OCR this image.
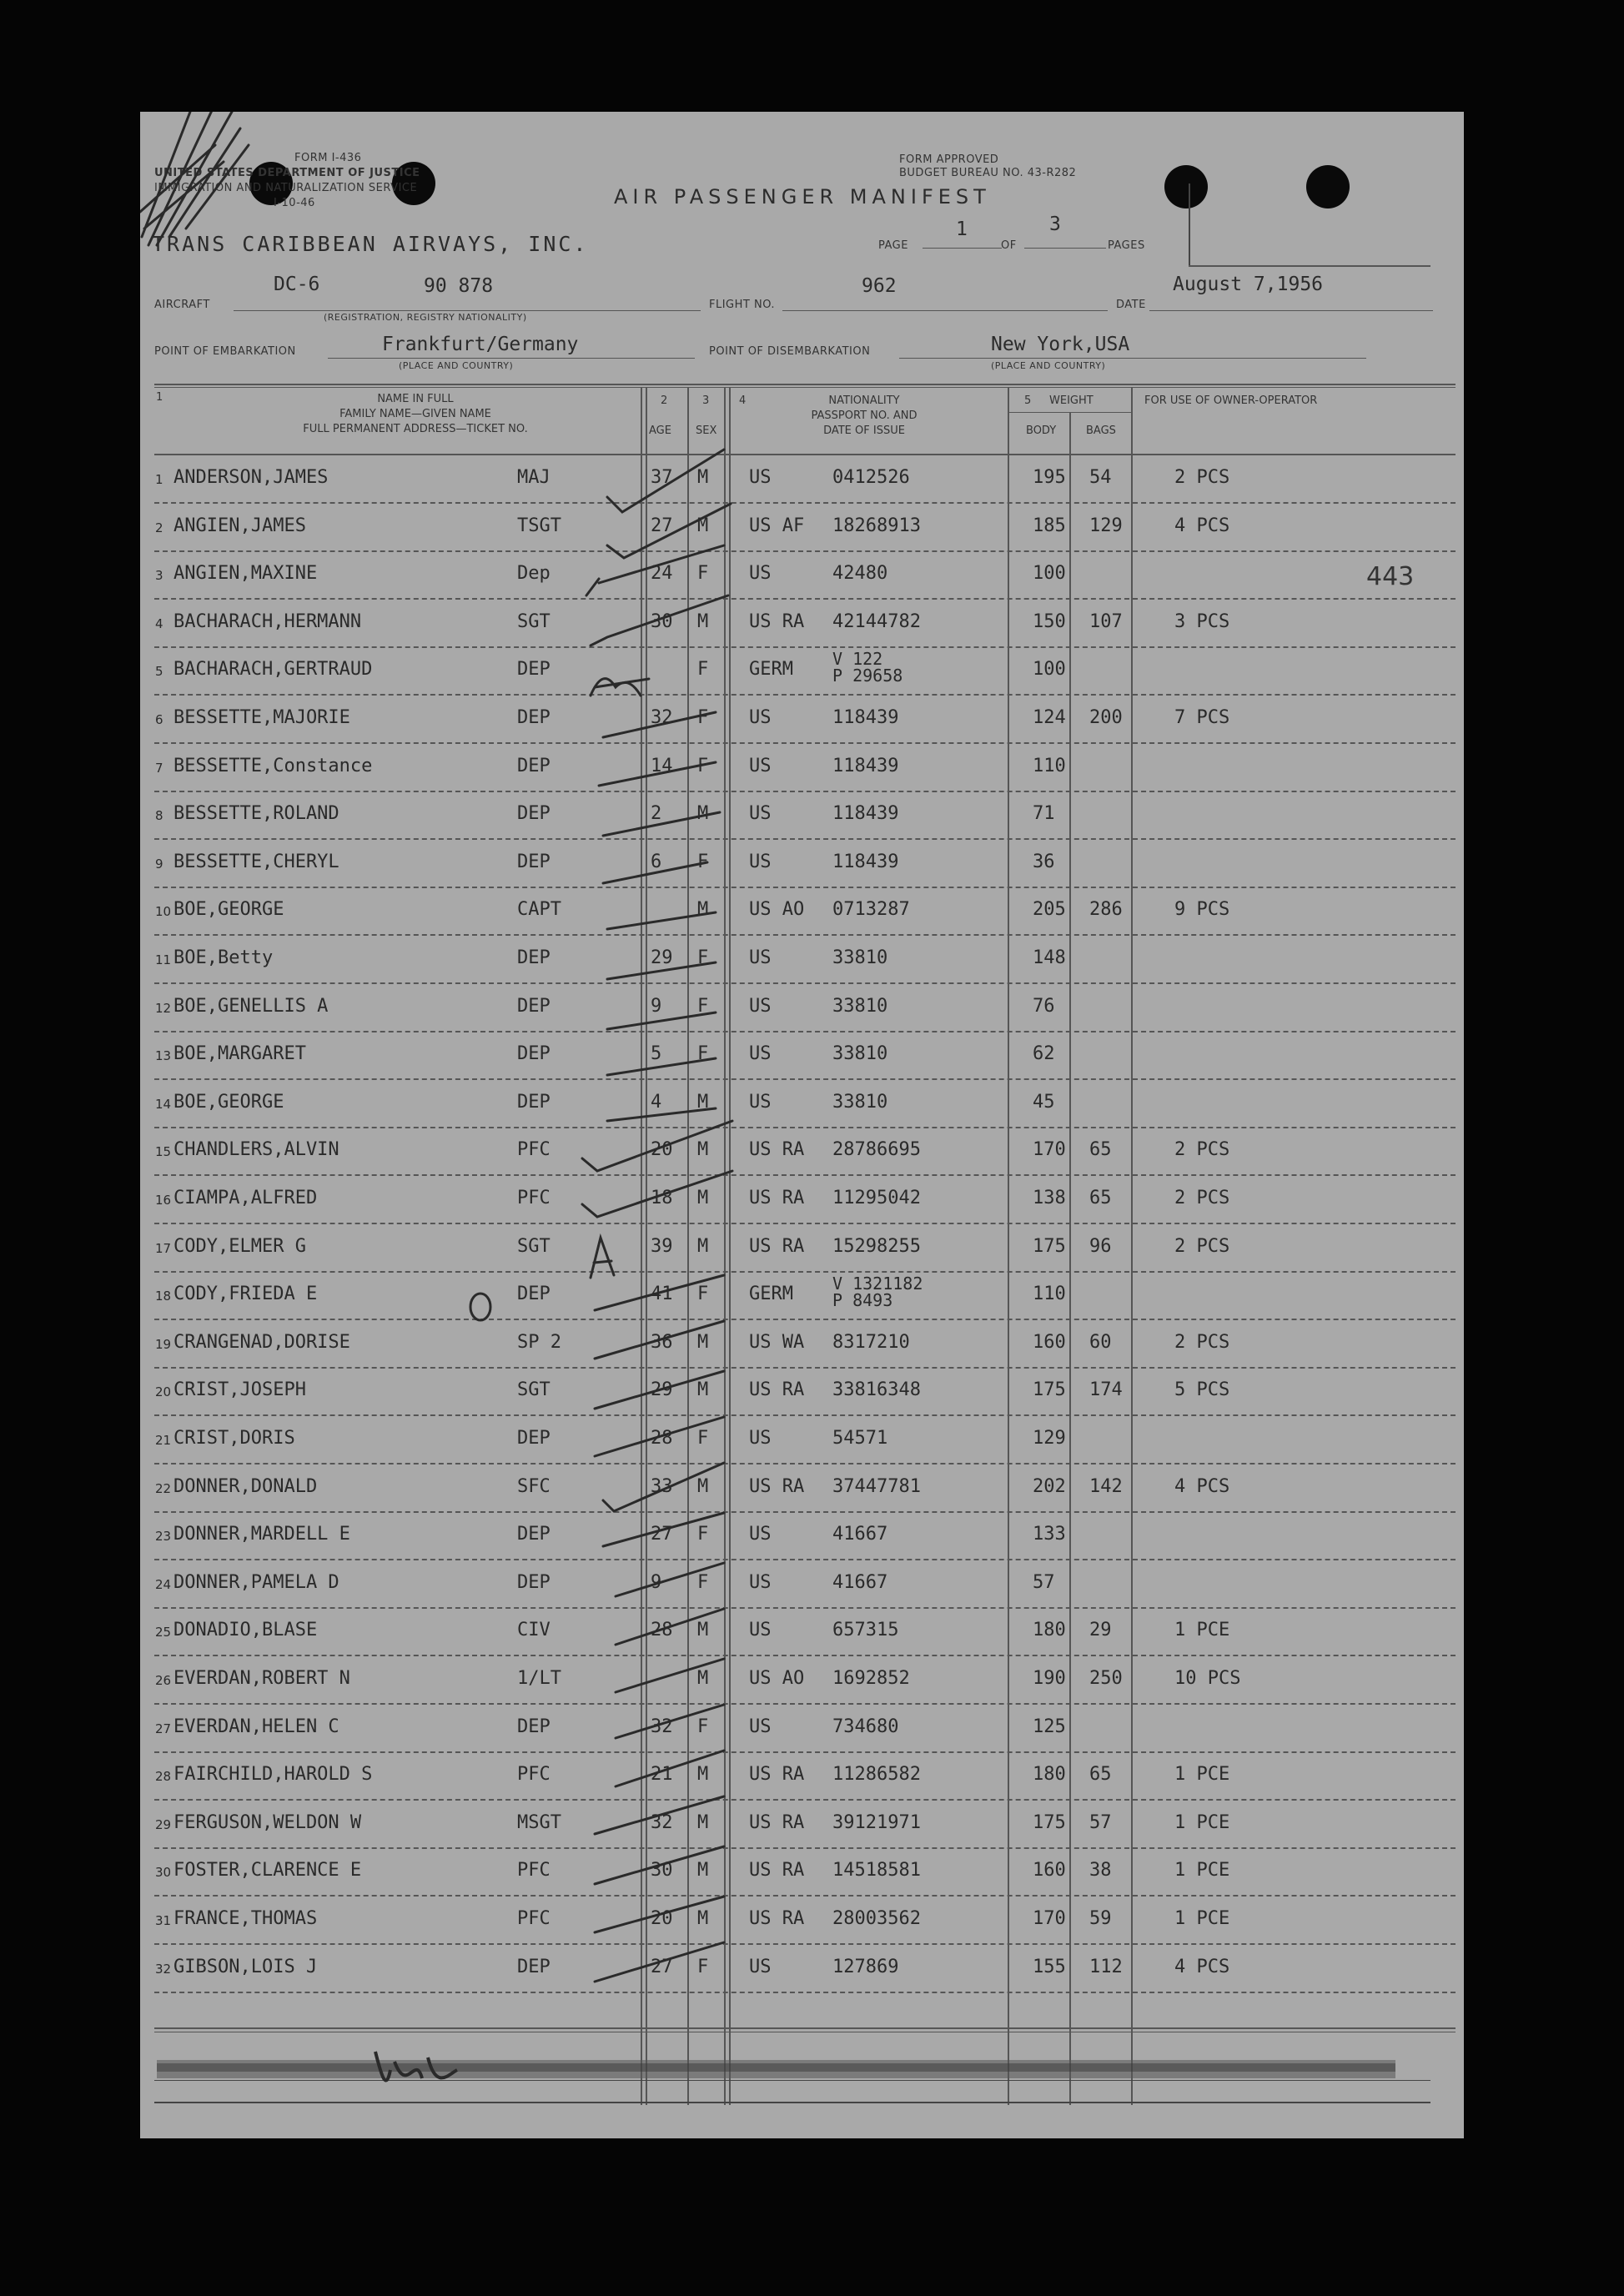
FORM I-436
UNITED STATES DEPARTMENT OF JUSTICE
IMMIGRATION AND NATURALIZATION SERVICE
I-10-46
FORM APPROVED
BUDGET BUREAU NO. 43-R282
AIR PASSENGER MANIFEST
TRANS CARIBBEAN AIRVAYS, INC.	PAGE
1
OF
3
PAGES
AIRCRAFT
DC-6	90 878
(REGISTRATION, REGISTRY NATIONALITY)
FLIGHT NO.
962
DATE
August 7,1956
POINT OF EMBARKATION	Frankfurt/Germany
(PLACE AND COUNTRY)
POINT OF DISEMBARKATION	New York,USA
(PLACE AND COUNTRY)
1	NAME IN FULL
FAMILY NAME—GIVEN NAME
FULL PERMANENT ADDRESS—TICKET NO.
2
AGE
3
SEX
4	NATIONALITY
PASSPORT NO. AND
DATE OF ISSUE
5 WEIGHT
BODY	BAGS
FOR USE OF OWNER-OPERATOR
443
1 ANDERSON,JAMES	MAJ	37 M US	0412526	195 54	2 PCS
2 ANGIEN,JAMES	TSGT	27 M US AF 18268913	185 129	4 PCS
3 ANGIEN,MAXINE	Dep	24 F US	42480	100
4 BACHARACH,HERMANN	SGT	30 M US RA 42144782	150 107	3 PCS
5 BACHARACH,GERTRAUD	DEP	F GERM V 122
P 29658	100
6 BESSETTE,MAJORIE	DEP	32 F US	118439	124 200	7 PCS
7 BESSETTE,Constance	DEP	14 F US	118439	110
8 BESSETTE,ROLAND	DEP	2 M US	118439	71
9 BESSETTE,CHERYL	DEP	6 F US	118439	36
10 BOE,GEORGE	CAPT	M US AO 0713287	205 286	9 PCS
11 BOE,Betty	DEP	29 F US	33810	148
12 BOE,GENELLIS A	DEP	9 F US	33810	76
13 BOE,MARGARET	DEP	5 F US	33810	62
14 BOE,GEORGE	DEP	4 M US	33810	45
15 CHANDLERS,ALVIN	PFC	20 M US RA 28786695	170 65	2 PCS
16 CIAMPA,ALFRED	PFC	18 M US RA 11295042	138 65	2 PCS
17 CODY,ELMER G	SGT	39 M US RA 15298255	175 96	2 PCS
18 CODY,FRIEDA E	DEP	41 F GERM V 1321182
P 8493	110
19 CRANGENAD,DORISE	SP 2	36 M US WA 8317210	160 60	2 PCS
20 CRIST,JOSEPH	SGT	29 M US RA 33816348	175 174	5 PCS
21 CRIST,DORIS	DEP	28 F US	54571	129
22 DONNER,DONALD	SFC	33 M US RA 37447781	202 142	4 PCS
23 DONNER,MARDELL E	DEP	27 F US	41667	133
24 DONNER,PAMELA D	DEP	9 F US	41667	57
25 DONADIO,BLASE	CIV	28 M US	657315	180 29	1 PCE
26 EVERDAN,ROBERT N	1/LT	M US AO 1692852	190 250	10 PCS
27 EVERDAN,HELEN C	DEP	32 F US	734680	125
28 FAIRCHILD,HAROLD S	PFC	21 M US RA 11286582	180 65	1 PCE
29 FERGUSON,WELDON W	MSGT	32 M US RA 39121971	175 57	1 PCE
30 FOSTER,CLARENCE E	PFC	30 M US RA 14518581	160 38	1 PCE
31 FRANCE,THOMAS	PFC	20 M US RA 28003562	170 59	1 PCE
32 GIBSON,LOIS J	DEP	27 F US	127869	155 112	4 PCS
